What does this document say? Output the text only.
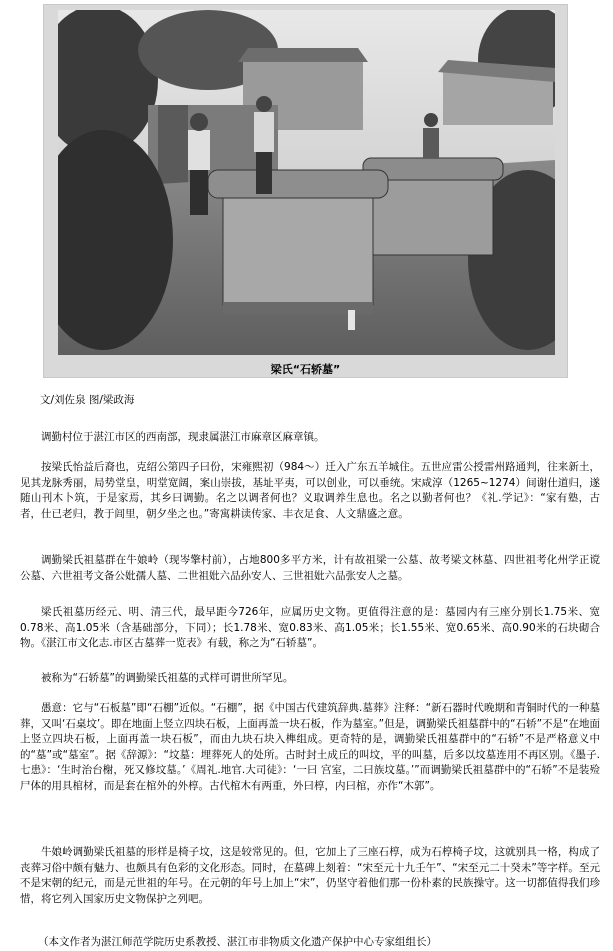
梁氏“石轿墓”
文/刘佐泉 图/梁政海

调勤村位于湛江市区的西南部，现隶属湛江市麻章区麻章镇。

按梁氏怡益后裔也，克绍公第四子曰份，宋雍熙初（984～）迁入广东五羊城住。五世应雷公授雷州路通判，往来新土，见其龙脉秀丽，局势堂皇，明堂宽阔，案山崇拔，基址平夷，可以创业，可以垂统。宋咸淳（1265~1274）间谢仕道归，遂随山刊木卜筑，于是家焉，其乡曰调勤。名之以调者何也？义取调养生息也。名之以勤者何也？《礼.学记》：“家有塾，古者，仕已老归，教于闾里，朝夕坐之也。”寄寓耕读传家、丰衣足食、人文鼎盛之意。

调勤梁氏祖墓群在牛娘岭（现岑擎村前），占地800多平方米，计有故祖梁一公墓、故考梁文林墓、四世祖考化州学正谠公墓、六世祖考文备公妣孺人墓、二世祖妣六品孙安人、三世祖妣六品张安人之墓。

梁氏祖墓历经元、明、清三代，最早距今726年，应属历史文物。更值得注意的是：墓园内有三座分别长1.75米、宽0.78米、高1.05米（含基础部分，下同）；长1.78米、宽0.83米、高1.05米；长1.55米、宽0.65米、高0.90米的石块砌合物。《湛江市文化志.市区古墓葬一览表》有载，称之为“石轿墓”。

被称为“石轿墓”的调勤梁氏祖墓的式样可谓世所罕见。

愚意：它与“石板墓”即“石棚”近似。“石棚”，据《中国古代建筑辞典.墓葬》注释：“新石器时代晚期和青铜时代的一种墓葬，又叫‘石桌坟’。即在地面上竖立四块石板，上面再盖一块石板，作为墓室。”但是，调勤梁氏祖墓群中的“石轿”不是“在地面上竖立四块石板，上面再盖一块石板”，而由九块石块入榫组成。更奇特的是，调勤梁氏祖墓群中的“石轿”不是严格意义中的“墓”或“墓室”。据《辞源》：“坟墓：埋葬死人的处所。古时封土成丘的叫坟，平的叫墓，后多以坟墓连用不再区别。《墨子.七患》：‘生时治台榭，死又修坟墓。’《周礼.地官.大司徒》：‘一曰 宫室，二曰族坟墓。’”而调勤梁氏祖墓群中的“石轿”不是装殓尸体的用具棺材，而是套在棺外的外椁。古代棺木有两重，外曰椁，内曰棺，亦作“木郭”。

牛娘岭调勤梁氏祖墓的形样是椅子坟，这是较常见的。但，它加上了三座石椁，成为石椁椅子坟，这就别具一格，构成了丧葬习俗中颇有魅力、也颇具有色彩的文化形态。同时，在墓碑上刻着：“宋至元十九壬午”、“宋至元二十癸未”等字样。至元不是宋朝的纪元，而是元世祖的年号。在元朝的年号上加上“宋”，仍坚守着他们那一份朴素的民族操守。这一切都值得我们珍惜，将它列入国家历史文物保护之列吧。

（本文作者为湛江师范学院历史系教授、湛江市非物质文化遗产保护中心专家组组长）
